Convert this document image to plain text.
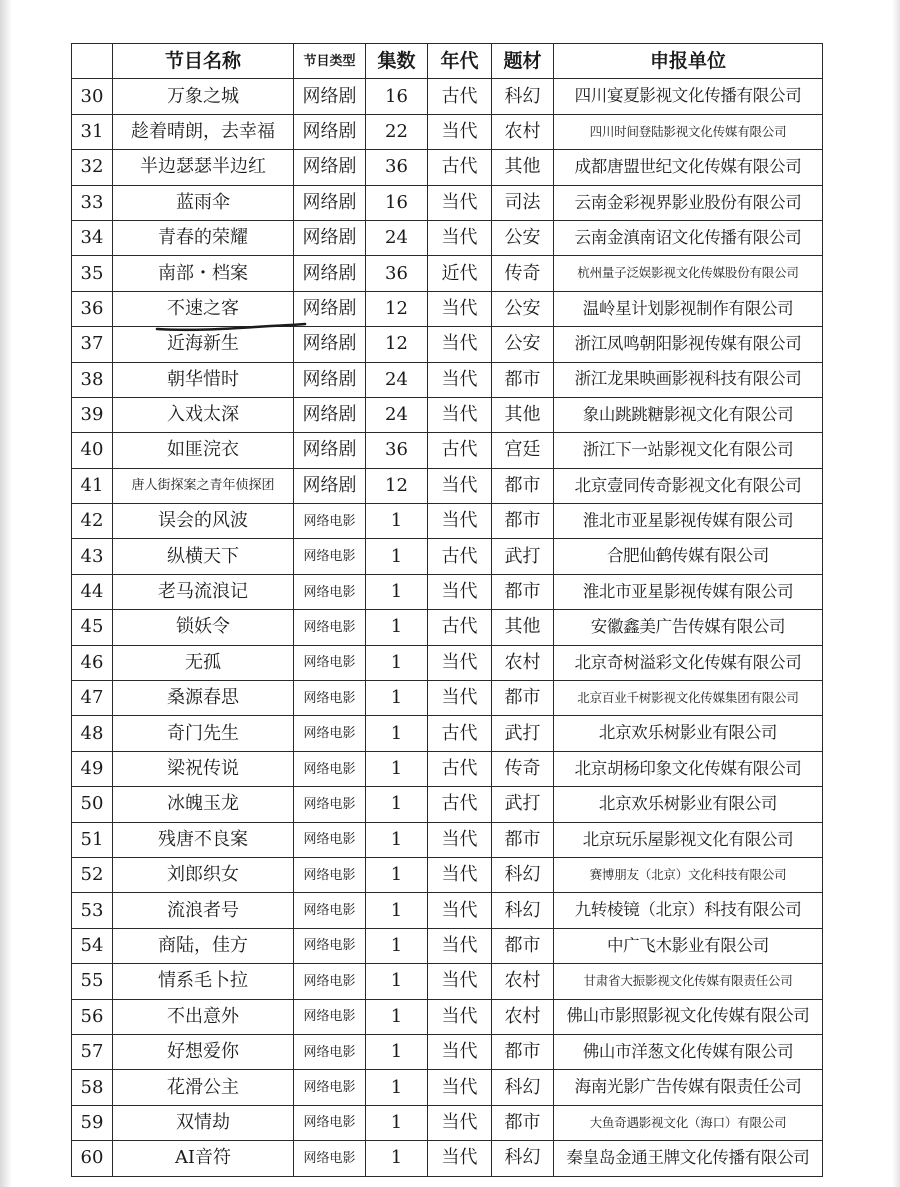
	节目名称	节目类型	集数	年代	题材	申报单位
30	万象之城	网络剧	16	古代	科幻	四川宴夏影视文化传播有限公司
31	趁着晴朗，去幸福	网络剧	22	当代	农村	四川时间登陆影视文化传媒有限公司
32	半边瑟瑟半边红	网络剧	36	古代	其他	成都唐盟世纪文化传媒有限公司
33	蓝雨伞	网络剧	16	当代	司法	云南金彩视界影业股份有限公司
34	青春的荣耀	网络剧	24	当代	公安	云南金滇南诏文化传播有限公司
35	南部・档案	网络剧	36	近代	传奇	杭州量子泛娱影视文化传媒股份有限公司
36	不速之客	网络剧	12	当代	公安	温岭星计划影视制作有限公司
37	近海新生	网络剧	12	当代	公安	浙江凤鸣朝阳影视传媒有限公司
38	朝华惜时	网络剧	24	当代	都市	浙江龙果映画影视科技有限公司
39	入戏太深	网络剧	24	当代	其他	象山跳跳糖影视文化有限公司
40	如匪浣衣	网络剧	36	古代	宫廷	浙江下一站影视文化有限公司
41	唐人街探案之青年侦探团	网络剧	12	当代	都市	北京壹同传奇影视文化有限公司
42	误会的风波	网络电影	1	当代	都市	淮北市亚星影视传媒有限公司
43	纵横天下	网络电影	1	古代	武打	合肥仙鹤传媒有限公司
44	老马流浪记	网络电影	1	当代	都市	淮北市亚星影视传媒有限公司
45	锁妖令	网络电影	1	古代	其他	安徽鑫美广告传媒有限公司
46	无孤	网络电影	1	当代	农村	北京奇树溢彩文化传媒有限公司
47	桑源春思	网络电影	1	当代	都市	北京百业千树影视文化传媒集团有限公司
48	奇门先生	网络电影	1	古代	武打	北京欢乐树影业有限公司
49	梁祝传说	网络电影	1	古代	传奇	北京胡杨印象文化传媒有限公司
50	冰魄玉龙	网络电影	1	古代	武打	北京欢乐树影业有限公司
51	残唐不良案	网络电影	1	当代	都市	北京玩乐屋影视文化有限公司
52	刘郎织女	网络电影	1	当代	科幻	赛博朋友（北京）文化科技有限公司
53	流浪者号	网络电影	1	当代	科幻	九转棱镜（北京）科技有限公司
54	商陆，佳方	网络电影	1	当代	都市	中广飞木影业有限公司
55	情系毛卜拉	网络电影	1	当代	农村	甘肃省大振影视文化传媒有限责任公司
56	不出意外	网络电影	1	当代	农村	佛山市影照影视文化传媒有限公司
57	好想爱你	网络电影	1	当代	都市	佛山市洋葱文化传媒有限公司
58	花滑公主	网络电影	1	当代	科幻	海南光影广告传媒有限责任公司
59	双情劫	网络电影	1	当代	都市	大鱼奇遇影视文化（海口）有限公司
60	AI音符	网络电影	1	当代	科幻	秦皇岛金通王牌文化传播有限公司
